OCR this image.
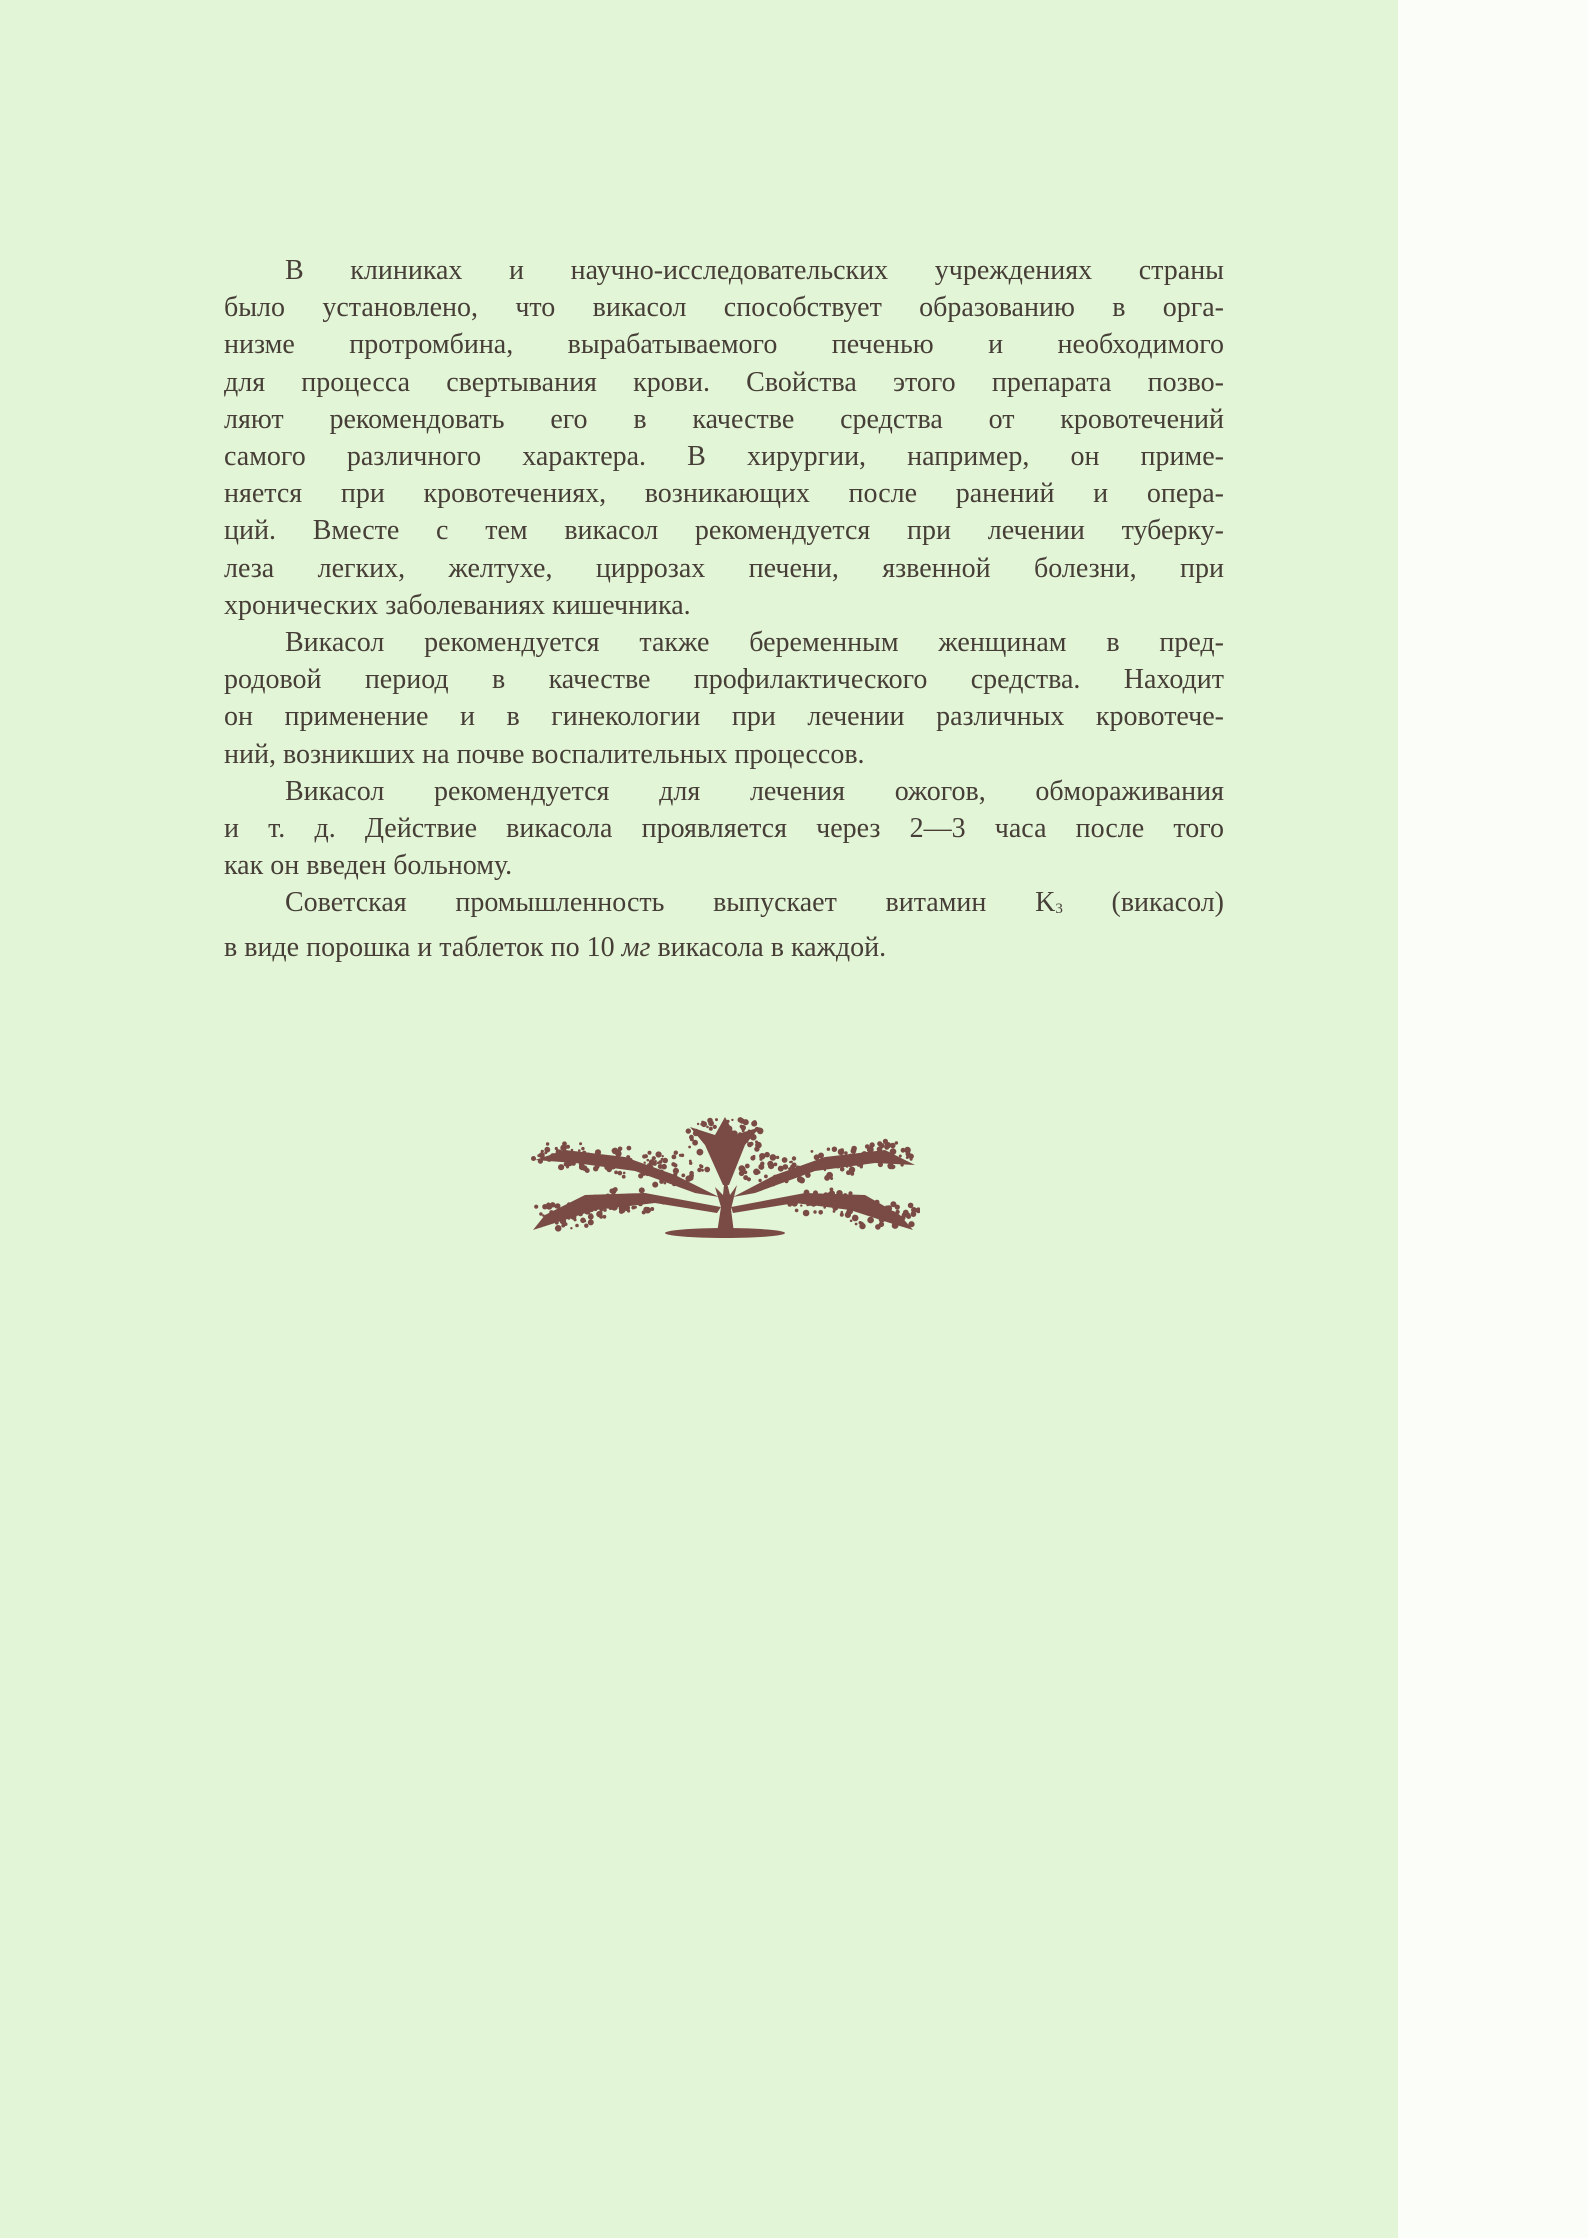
В клиниках и научно-исследовательских учреждениях страны
было установлено, что викасол способствует образованию в орга-
низме протромбина, вырабатываемого печенью и необходимого
для процесса свертывания крови. Свойства этого препарата позво-
ляют рекомендовать его в качестве средства от кровотечений
самого различного характера. В хирургии, например, он приме-
няется при кровотечениях, возникающих после ранений и опера-
ций. Вместе с тем викасол рекомендуется при лечении туберку-
леза легких, желтухе, циррозах печени, язвенной болезни, при
хронических заболеваниях кишечника.
Викасол рекомендуется также беременным женщинам в пред-
родовой период в качестве профилактического средства. Находит
он применение и в гинекологии при лечении различных кровотече-
ний, возникших на почве воспалительных процессов.
Викасол рекомендуется для лечения ожогов, обмораживания
и т. д. Действие викасола проявляется через 2—3 часа после того
как он введен больному.
Советская промышленность выпускает витамин K3 (викасол)
в виде порошка и таблеток по 10 мг викасола в каждой.
